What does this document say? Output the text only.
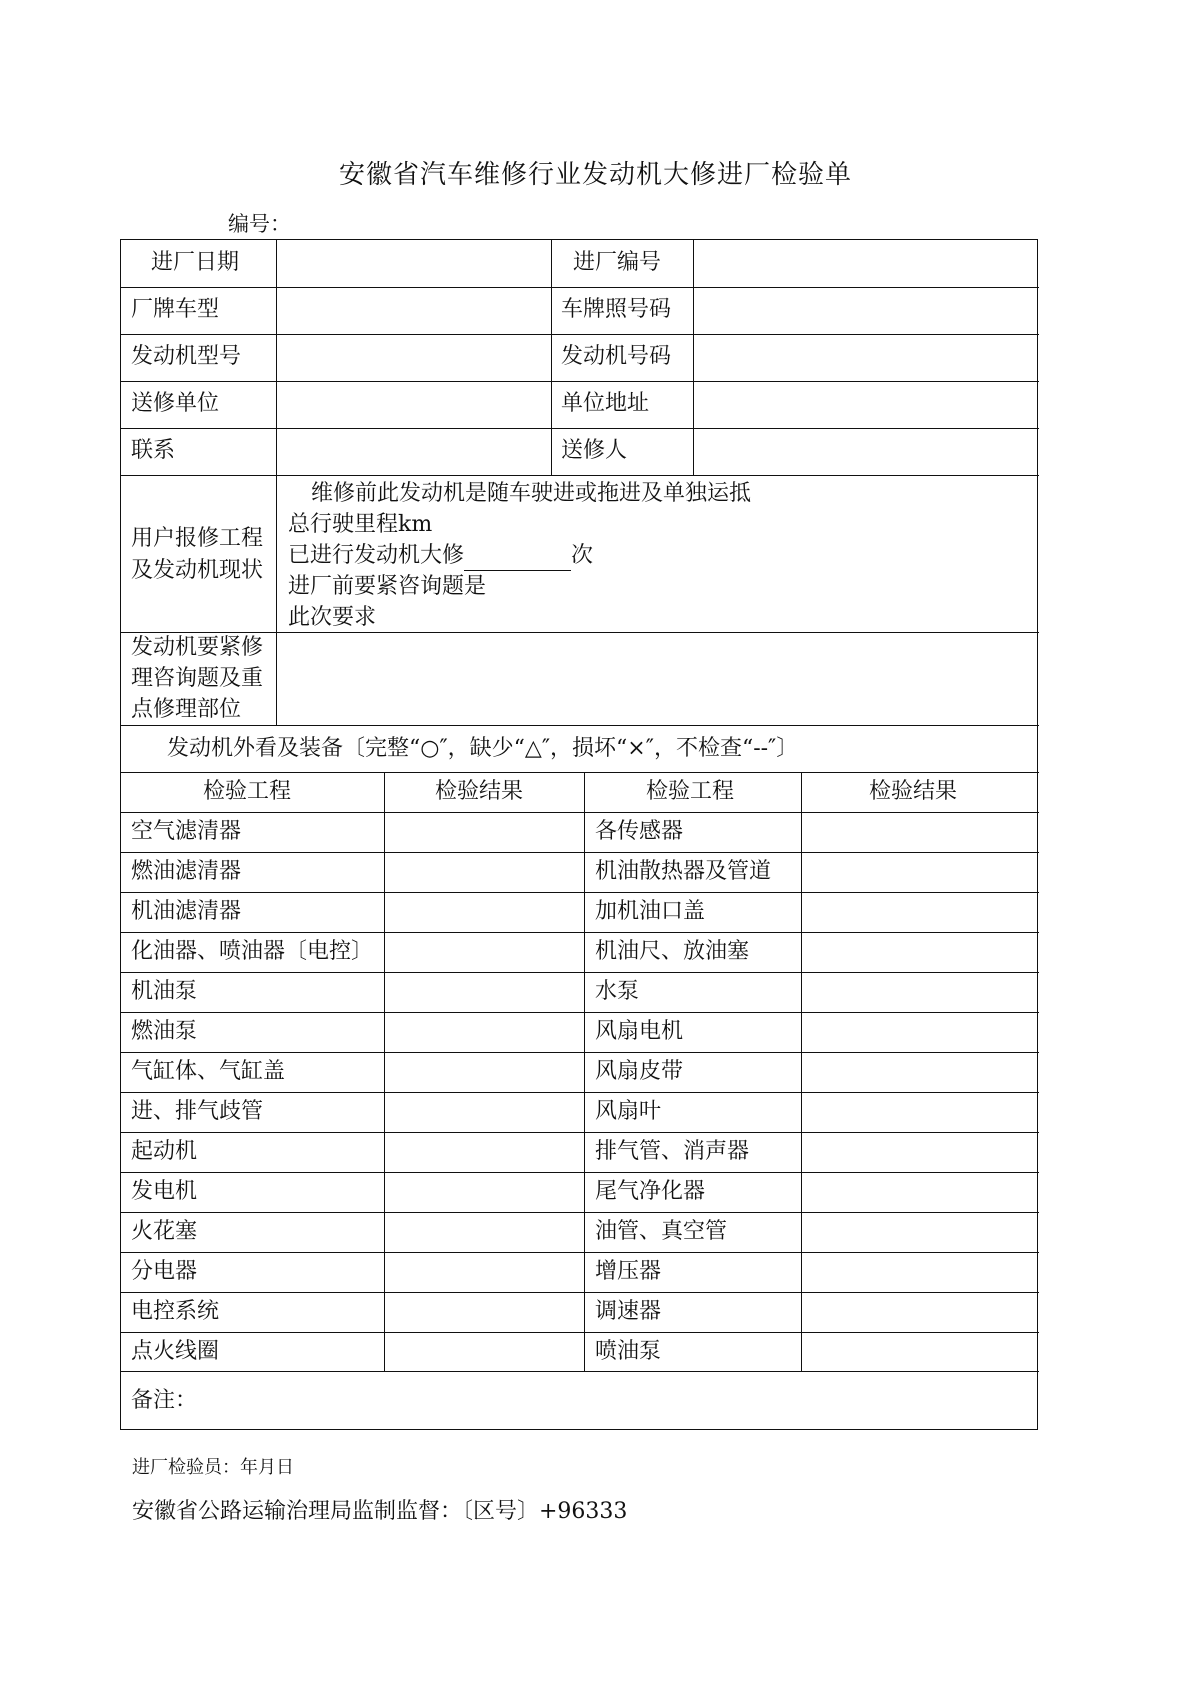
安徽省汽车维修行业发动机大修进厂检验单
编号：
进厂日期	进厂编号
厂牌车型	车牌照号码
发动机型号	发动机号码
送修单位	单位地址
联系	送修人
用户报修工程
及发动机现状
维修前此发动机是随车驶进或拖进及单独运抵
总行驶里程km
已进行发动机大修	次
进厂前要紧咨询题是
此次要求
发动机要紧修
理咨询题及重
点修理部位
发动机外看及装备〔完整“○″，缺少“△″，损坏“×″，不检查“--″〕
检验工程	检验结果	检验工程	检验结果
空气滤清器	各传感器
燃油滤清器	机油散热器及管道
机油滤清器	加机油口盖
化油器、喷油器〔电控〕	机油尺、放油塞
机油泵	水泵
燃油泵	风扇电机
气缸体、气缸盖	风扇皮带
进、排气歧管	风扇叶
起动机	排气管、消声器
发电机	尾气净化器
火花塞	油管、真空管
分电器	增压器
电控系统	调速器
点火线圈	喷油泵
备注：
进厂检验员：年月日
安徽省公路运输治理局监制监督：〔区号〕+96333
